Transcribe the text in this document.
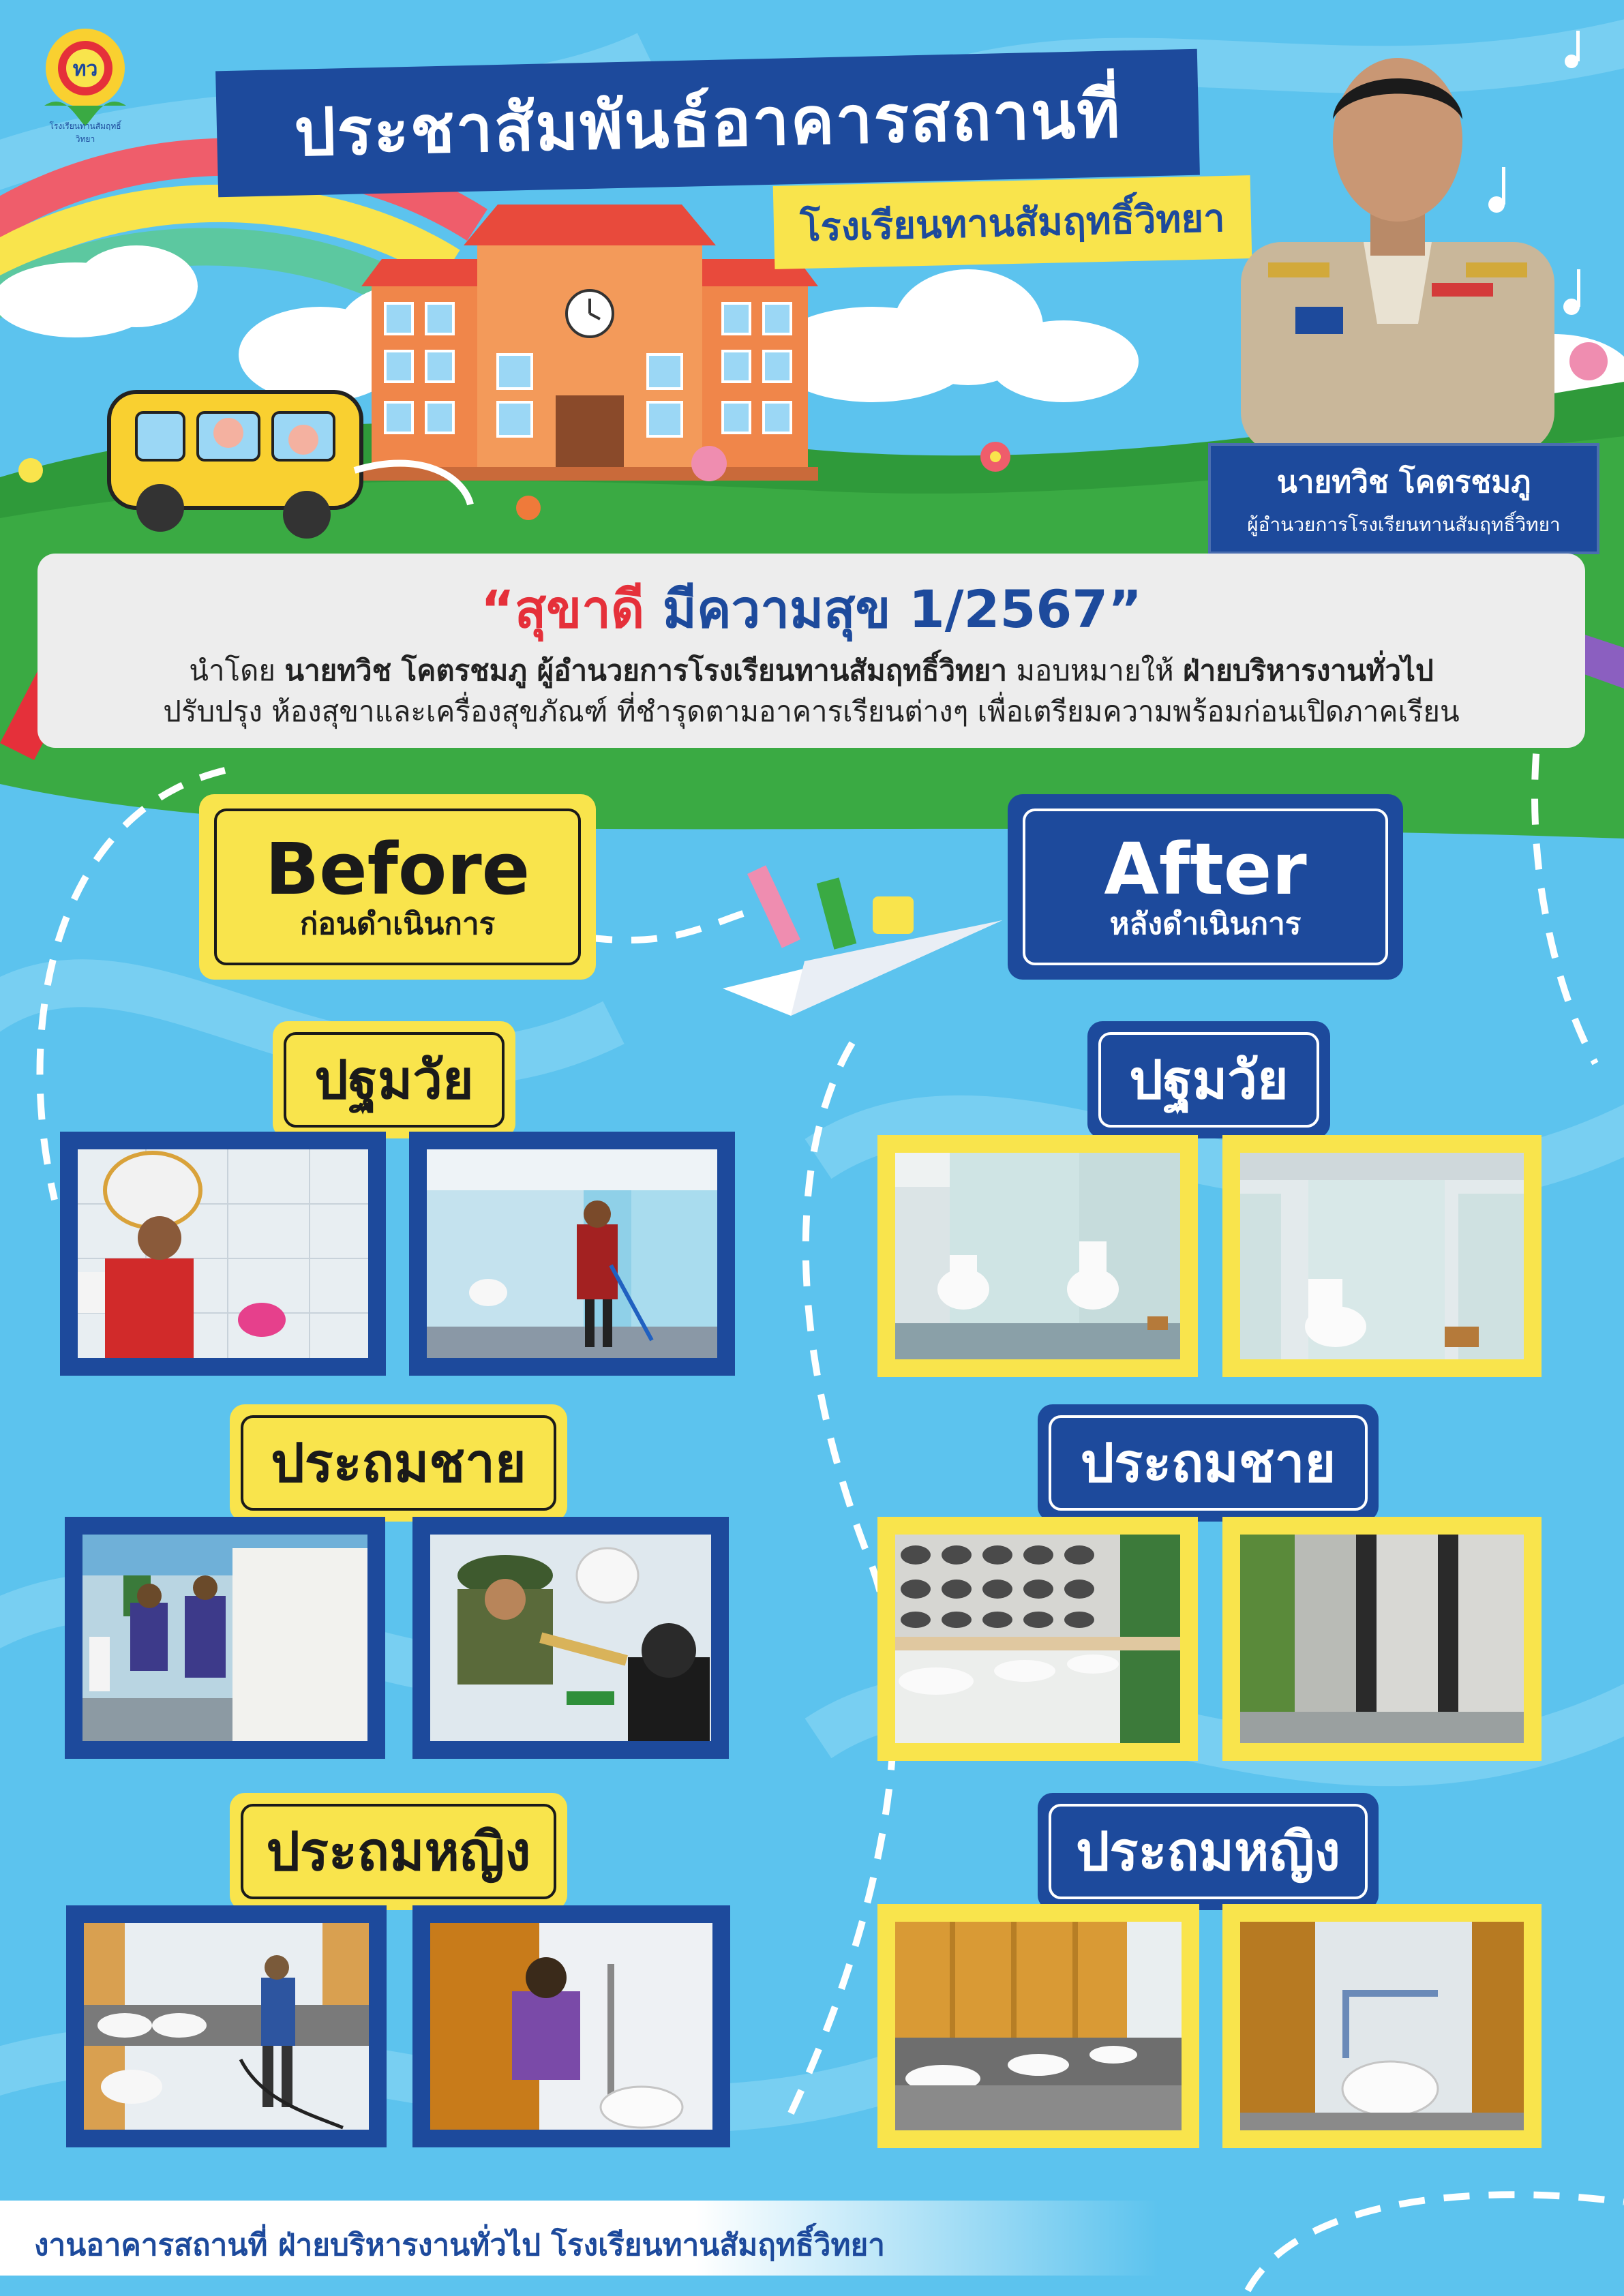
ทว
โรงเรียนทานสัมฤทธิ์วิทยา	ประชาสัมพันธ์อาคารสถานที่
โรงเรียนทานสัมฤทธิ์วิทยา
นายทวิช โคตรชมภู
ผู้อำนวยการโรงเรียนทานสัมฤทธิ์วิทยา
“สุขาดี มีความสุข 1/2567”
นำโดย นายทวิช โคตรชมภู ผู้อำนวยการโรงเรียนทานสัมฤทธิ์วิทยา มอบหมายให้ ฝ่ายบริหารงานทั่วไป
ปรับปรุง ห้องสุขาและเครื่องสุขภัณฑ์ ที่ชำรุดตามอาคารเรียนต่างๆ เพื่อเตรียมความพร้อมก่อนเปิดภาคเรียน
Before
ก่อนดำเนินการ
After
หลังดำเนินการ
ปฐมวัย
ประถมชาย
ประถมหญิง
ปฐมวัย
ประถมชาย
ประถมหญิง
งานอาคารสถานที่ ฝ่ายบริหารงานทั่วไป โรงเรียนทานสัมฤทธิ์วิทยา
